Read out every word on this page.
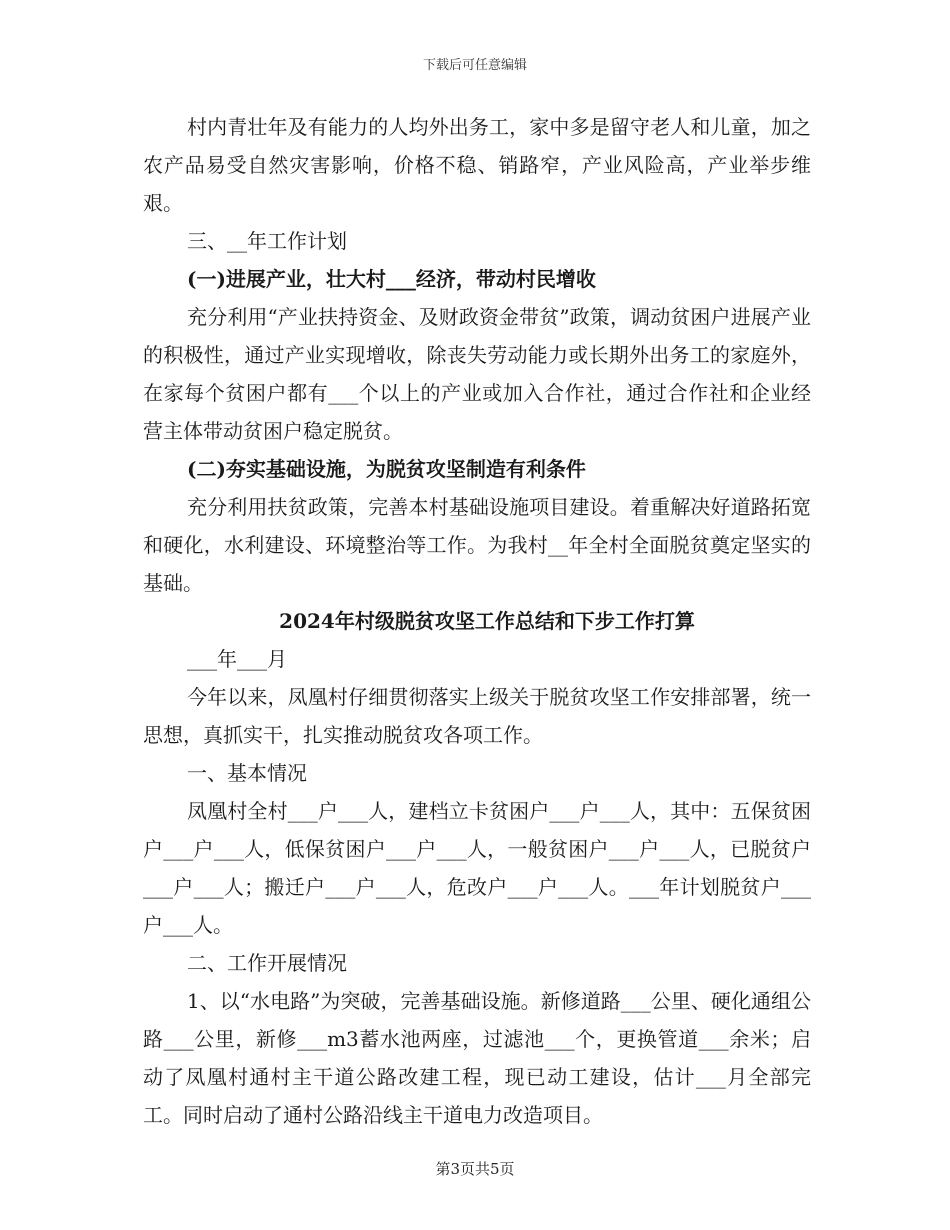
下载后可任意编辑

村内青壮年及有能力的人均外出务工，家中多是留守老人和儿童，加之农产品易受自然灾害影响，价格不稳、销路窄，产业风险高，产业举步维艰。

三、__年工作计划

(一)进展产业，壮大村___经济，带动村民增收

充分利用“产业扶持资金、及财政资金带贫”政策，调动贫困户进展产业的积极性，通过产业实现增收，除丧失劳动能力或长期外出务工的家庭外，在家每个贫困户都有___个以上的产业或加入合作社，通过合作社和企业经营主体带动贫困户稳定脱贫。

(二)夯实基础设施，为脱贫攻坚制造有利条件

充分利用扶贫政策，完善本村基础设施项目建设。着重解决好道路拓宽和硬化，水利建设、环境整治等工作。为我村__年全村全面脱贫奠定坚实的基础。

2024年村级脱贫攻坚工作总结和下步工作打算

___年___月

今年以来，凤凰村仔细贯彻落实上级关于脱贫攻坚工作安排部署，统一思想，真抓实干，扎实推动脱贫攻各项工作。

一、基本情况

凤凰村全村___户___人，建档立卡贫困户___户___人，其中：五保贫困户___户___人，低保贫困户___户___人，一般贫困户___户___人，已脱贫户___户___人；搬迁户___户___人，危改户___户___人。___年计划脱贫户___户___人。

二、工作开展情况

1、以“水电路”为突破，完善基础设施。新修道路___公里、硬化通组公路___公里，新修___m3蓄水池两座，过滤池___个，更换管道___余米；启动了凤凰村通村主干道公路改建工程，现已动工建设，估计___月全部完工。同时启动了通村公路沿线主干道电力改造项目。

第3页共5页
